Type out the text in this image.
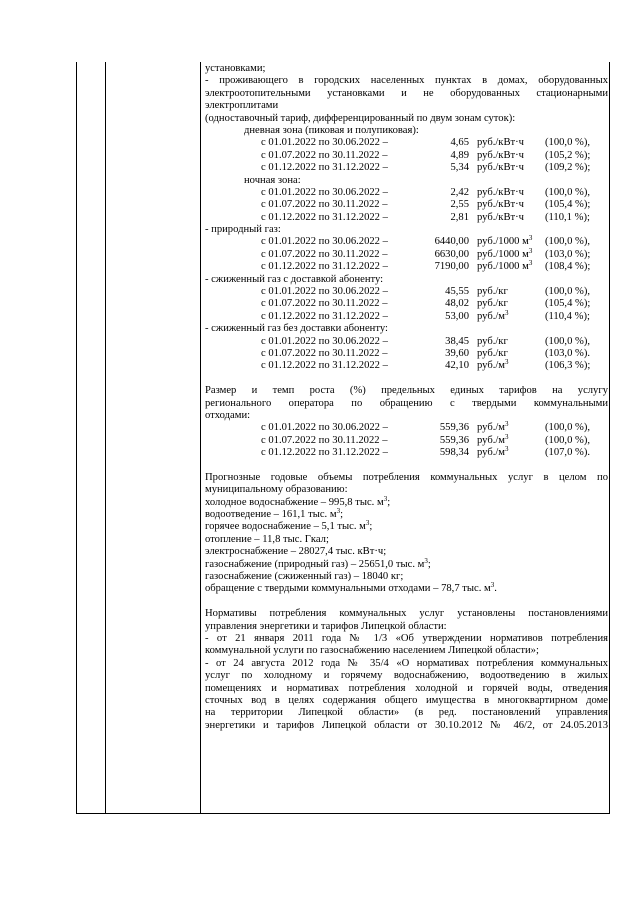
установками;
- проживающего в городских населенных пунктах в домах, оборудованных
электроотопительными установками и не оборудованных стационарными
электроплитами
(одноставочный тариф, дифференцированный по двум зонам суток):
дневная зона (пиковая и полупиковая):
с 01.01.2022 по 30.06.2022 –	4,65 руб./кВт·ч (100,0 %),
с 01.07.2022 по 30.11.2022 –	4,89 руб./кВт·ч (105,2 %);
с 01.12.2022 по 31.12.2022 –	5,34 руб./кВт·ч (109,2 %);
ночная зона:
с 01.01.2022 по 30.06.2022 –	2,42 руб./кВт·ч (100,0 %),
с 01.07.2022 по 30.11.2022 –	2,55 руб./кВт·ч (105,4 %);
с 01.12.2022 по 31.12.2022 –	2,81 руб./кВт·ч (110,1 %);
- природный газ:
с 01.01.2022 по 30.06.2022 –	6440,00 руб./1000 $м^3$ (100,0 %),
с 01.07.2022 по 30.11.2022 –	6630,00 руб./1000 $м^3$ (103,0 %);
с 01.12.2022 по 31.12.2022 –	7190,00 руб./1000 $м^3$ (108,4 %);
- сжиженный газ с доставкой абоненту:
с 01.01.2022 по 30.06.2022 –	45,55 руб./кг	(100,0 %),
с 01.07.2022 по 30.11.2022 –	48,02 руб./кг	(105,4 %);
с 01.12.2022 по 31.12.2022 –	53,00 $руб./м^3$	(110,4 %);
- сжиженный газ без доставки абоненту:
с 01.01.2022 по 30.06.2022 –	38,45 руб./кг	(100,0 %),
с 01.07.2022 по 30.11.2022 –	39,60 руб./кг	(103,0 %).
с 01.12.2022 по 31.12.2022 –	42,10 $руб./м^3$	(106,3 %);
Размер и темп роста (%) предельных единых тарифов на услугу
регионального оператора по обращению с твердыми коммунальными
отходами:
с 01.01.2022 по 30.06.2022 –	559,36 $руб./м^3$	(100,0 %),
с 01.07.2022 по 30.11.2022 –	559,36 $руб./м^3$	(100,0 %),
с 01.12.2022 по 31.12.2022 –	598,34 $руб./м^3$	(107,0 %).
Прогнозные годовые объемы потребления коммунальных услуг в целом по
муниципальному образованию:
холодное водоснабжение – 995,8 тыс. $м^3$;
водоотведение – 161,1 тыс. $м^3$;
горячее водоснабжение – 5,1 тыс. $м^3$;
отопление – 11,8 тыс. Гкал;
электроснабжение – 28027,4 тыс. кВт·ч;
газоснабжение (природный газ) – 25651,0 тыс. $м^3$;
газоснабжение (сжиженный газ) – 18040 кг;
обращение с твердыми коммунальными отходами – 78,7 тыс. $м^3$.
Нормативы потребления коммунальных услуг установлены постановлениями
управления энергетики и тарифов Липецкой области:
- от 21 января 2011 года № 1/3 «Об утверждении нормативов потребления
коммунальной услуги по газоснабжению населением Липецкой области»;
- от 24 августа 2012 года № 35/4 «О нормативах потребления коммунальных
услуг по холодному и горячему водоснабжению, водоотведению в жилых
помещениях и нормативах потребления холодной и горячей воды, отведения
сточных вод в целях содержания общего имущества в многоквартирном доме
на территории Липецкой области» (в ред. постановлений управления
энергетики и тарифов Липецкой области от 30.10.2012 № 46/2, от 24.05.2013
